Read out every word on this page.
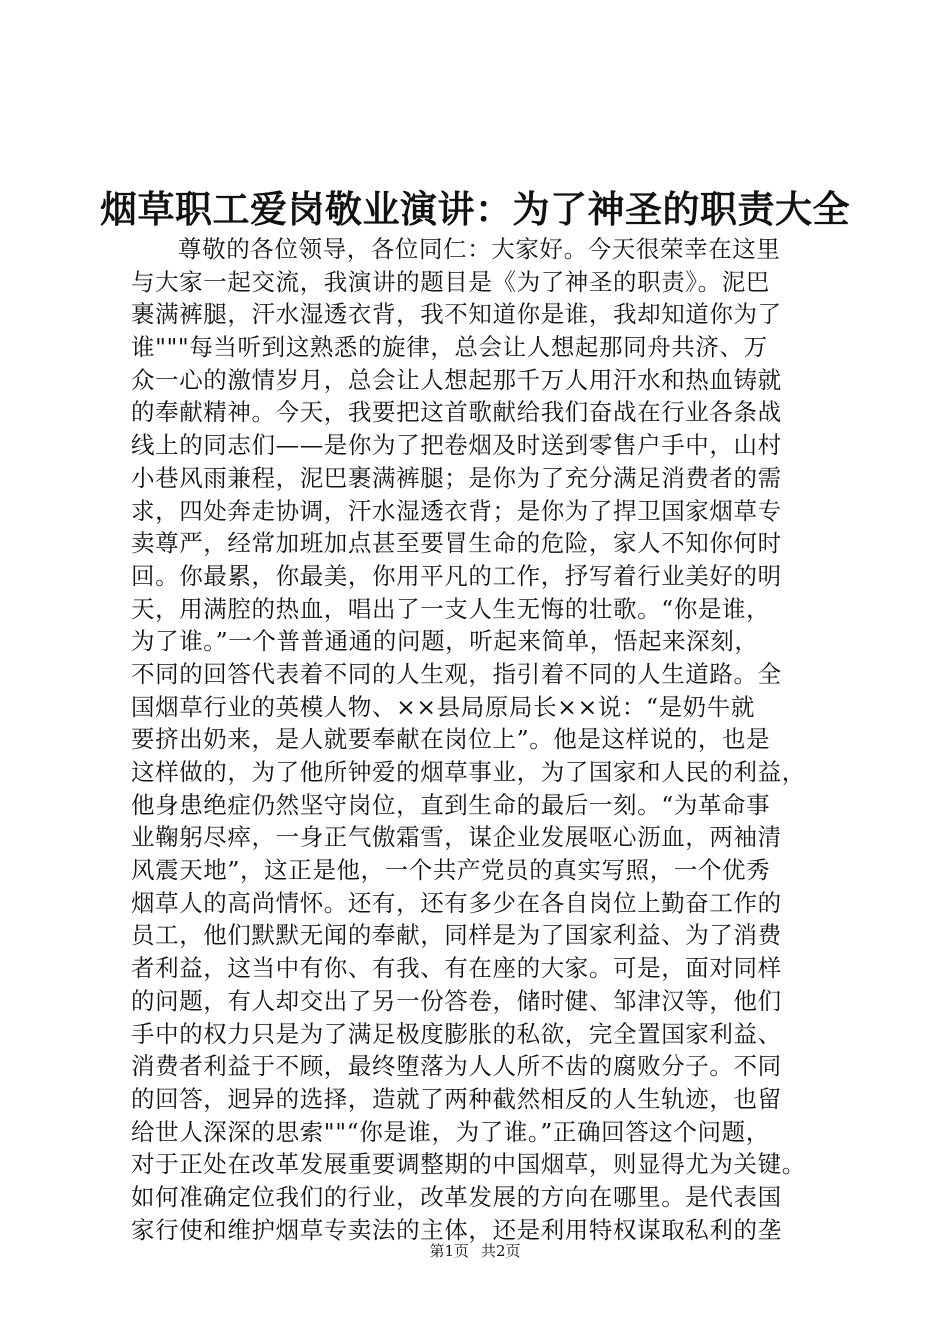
烟草职工爱岗敬业演讲：为了神圣的职责大全
尊敬的各位领导，各位同仁：大家好。今天很荣幸在这里
与大家一起交流，我演讲的题目是《为了神圣的职责》。泥巴
裹满裤腿，汗水湿透衣背，我不知道你是谁，我却知道你为了
谁"""每当听到这熟悉的旋律，总会让人想起那同舟共济、万
众一心的激情岁月，总会让人想起那千万人用汗水和热血铸就
的奉献精神。今天，我要把这首歌献给我们奋战在行业各条战
线上的同志们——是你为了把卷烟及时送到零售户手中，山村
小巷风雨兼程，泥巴裹满裤腿；是你为了充分满足消费者的需
求，四处奔走协调，汗水湿透衣背；是你为了捍卫国家烟草专
卖尊严，经常加班加点甚至要冒生命的危险，家人不知你何时
回。你最累，你最美，你用平凡的工作，抒写着行业美好的明
天，用满腔的热血，唱出了一支人生无悔的壮歌。“你是谁，
为了谁。”一个普普通通的问题，听起来简单，悟起来深刻，
不同的回答代表着不同的人生观，指引着不同的人生道路。全
国烟草行业的英模人物、××县局原局长××说：“是奶牛就
要挤出奶来，是人就要奉献在岗位上”。他是这样说的，也是
这样做的，为了他所钟爱的烟草事业，为了国家和人民的利益，
他身患绝症仍然坚守岗位，直到生命的最后一刻。“为革命事
业鞠躬尽瘁，一身正气傲霜雪，谋企业发展呕心沥血，两袖清
风震天地”，这正是他，一个共产党员的真实写照，一个优秀
烟草人的高尚情怀。还有，还有多少在各自岗位上勤奋工作的
员工，他们默默无闻的奉献，同样是为了国家利益、为了消费
者利益，这当中有你、有我、有在座的大家。可是，面对同样
的问题，有人却交出了另一份答卷，储时健、邹津汉等，他们
手中的权力只是为了满足极度膨胀的私欲，完全置国家利益、
消费者利益于不顾，最终堕落为人人所不齿的腐败分子。不同
的回答，迥异的选择，造就了两种截然相反的人生轨迹，也留
给世人深深的思索""“你是谁，为了谁。”正确回答这个问题，
对于正处在改革发展重要调整期的中国烟草，则显得尤为关键。
如何准确定位我们的行业，改革发展的方向在哪里。是代表国
家行使和维护烟草专卖法的主体，还是利用特权谋取私利的垄
第1页 共2页
